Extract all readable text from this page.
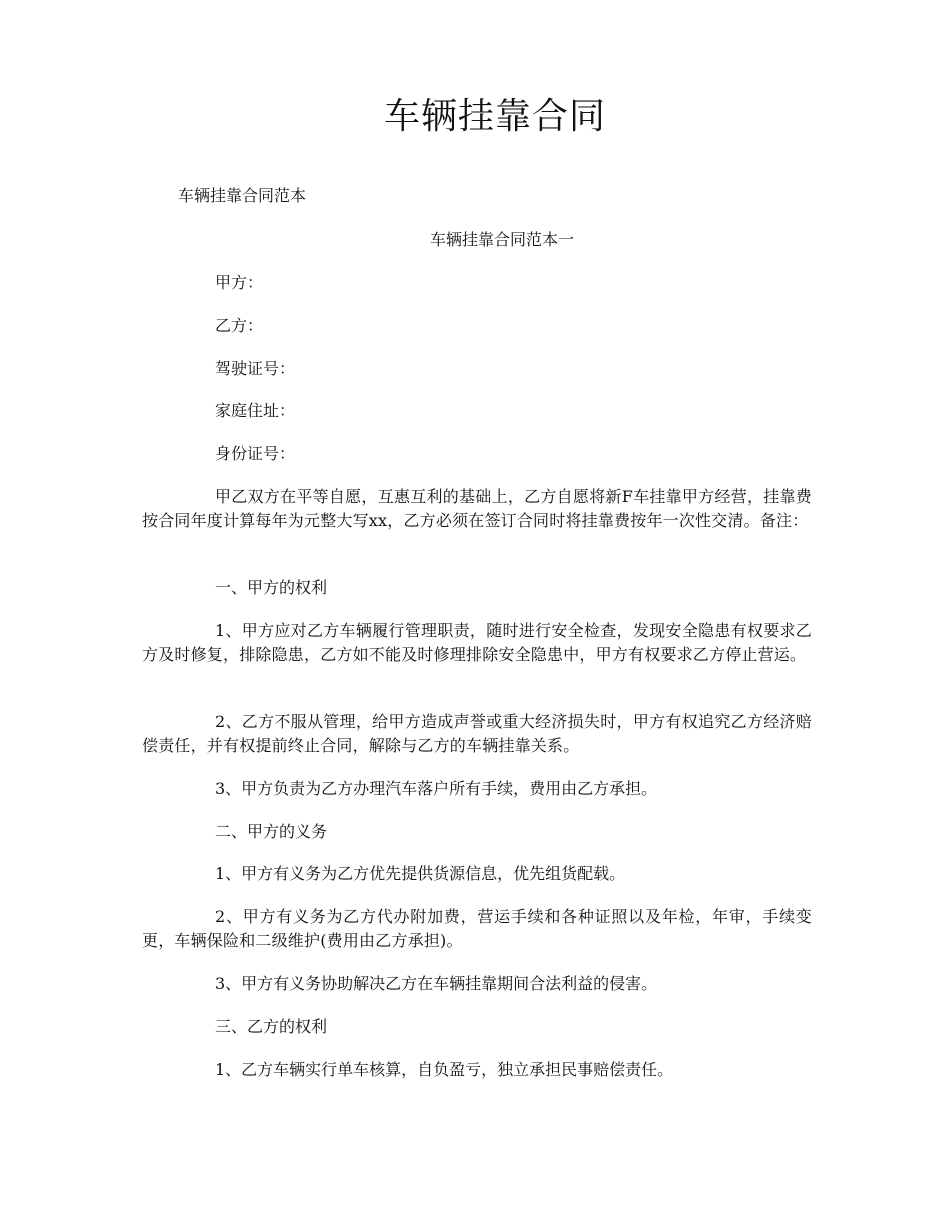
车辆挂靠合同
车辆挂靠合同范本
车辆挂靠合同范本一
甲方：
乙方：
驾驶证号：
家庭住址：
身份证号：
甲乙双方在平等自愿，互惠互利的基础上，乙方自愿将新F车挂靠甲方经营，挂靠费按合同年度计算每年为元整大写xx，乙方必须在签订合同时将挂靠费按年一次性交清。备注：
一、甲方的权利
1、甲方应对乙方车辆履行管理职责，随时进行安全检查，发现安全隐患有权要求乙方及时修复，排除隐患，乙方如不能及时修理排除安全隐患中，甲方有权要求乙方停止营运。
2、乙方不服从管理，给甲方造成声誉或重大经济损失时，甲方有权追究乙方经济赔偿责任，并有权提前终止合同，解除与乙方的车辆挂靠关系。
3、甲方负责为乙方办理汽车落户所有手续，费用由乙方承担。
二、甲方的义务
1、甲方有义务为乙方优先提供货源信息，优先组货配载。
2、甲方有义务为乙方代办附加费，营运手续和各种证照以及年检，年审，手续变更，车辆保险和二级维护(费用由乙方承担)。
3、甲方有义务协助解决乙方在车辆挂靠期间合法利益的侵害。
三、乙方的权利
1、乙方车辆实行单车核算，自负盈亏，独立承担民事赔偿责任。
